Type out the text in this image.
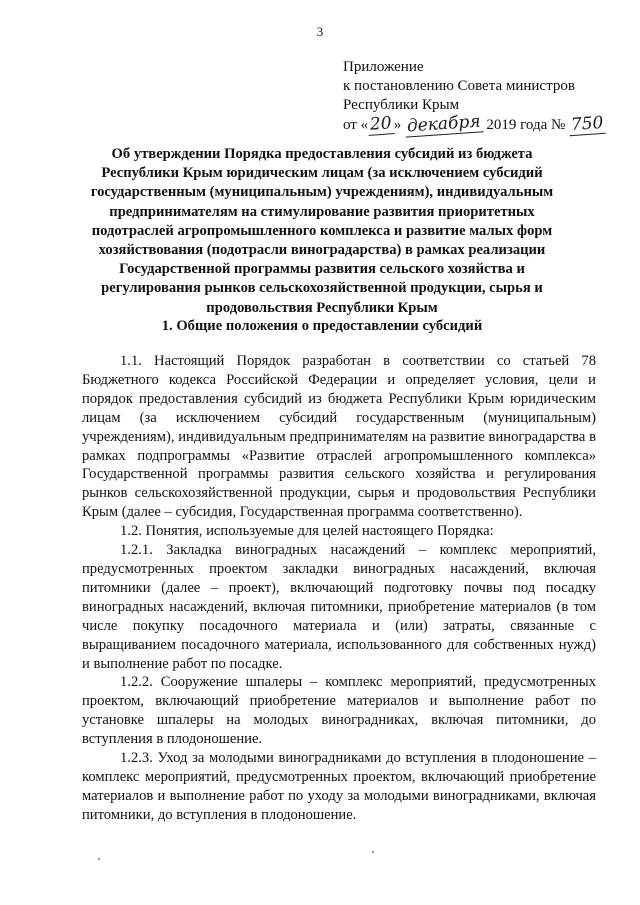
3
Приложение
к постановлению Совета министров
Республики Крым
от «20» декабря 2019 года № 750
Об утверждении Порядка предоставления субсидий из бюджета Республики Крым юридическим лицам (за исключением субсидий государственным (муниципальным) учреждениям), индивидуальным предпринимателям на стимулирование развития приоритетных подотраслей агропромышленного комплекса и развитие малых форм хозяйствования (подотрасли виноградарства) в рамках реализации Государственной программы развития сельского хозяйства и регулирования рынков сельскохозяйственной продукции, сырья и продовольствия Республики Крым
1. Общие положения о предоставлении субсидий

1.1. Настоящий Порядок разработан в соответствии со статьей 78 Бюджетного кодекса Российской Федерации и определяет условия, цели и порядок предоставления субсидий из бюджета Республики Крым юридическим лицам (за исключением субсидий государственным (муниципальным) учреждениям), индивидуальным предпринимателям на развитие виноградарства в рамках подпрограммы «Развитие отраслей агропромышленного комплекса» Государственной программы развития сельского хозяйства и регулирования рынков сельскохозяйственной продукции, сырья и продовольствия Республики Крым (далее – субсидия, Государственная программа соответственно).

1.2. Понятия, используемые для целей настоящего Порядка:

1.2.1. Закладка виноградных насаждений – комплекс мероприятий, предусмотренных проектом закладки виноградных насаждений, включая питомники (далее – проект), включающий подготовку почвы под посадку виноградных насаждений, включая питомники, приобретение материалов (в том числе покупку посадочного материала и (или) затраты, связанные с выращиванием посадочного материала, использованного для собственных нужд) и выполнение работ по посадке.

1.2.2. Сооружение шпалеры – комплекс мероприятий, предусмотренных проектом, включающий приобретение материалов и выполнение работ по установке шпалеры на молодых виноградниках, включая питомники, до вступления в плодоношение.

1.2.3. Уход за молодыми виноградниками до вступления в плодоношение – комплекс мероприятий, предусмотренных проектом, включающий приобретение материалов и выполнение работ по уходу за молодыми виноградниками, включая питомники, до вступления в плодоношение.
